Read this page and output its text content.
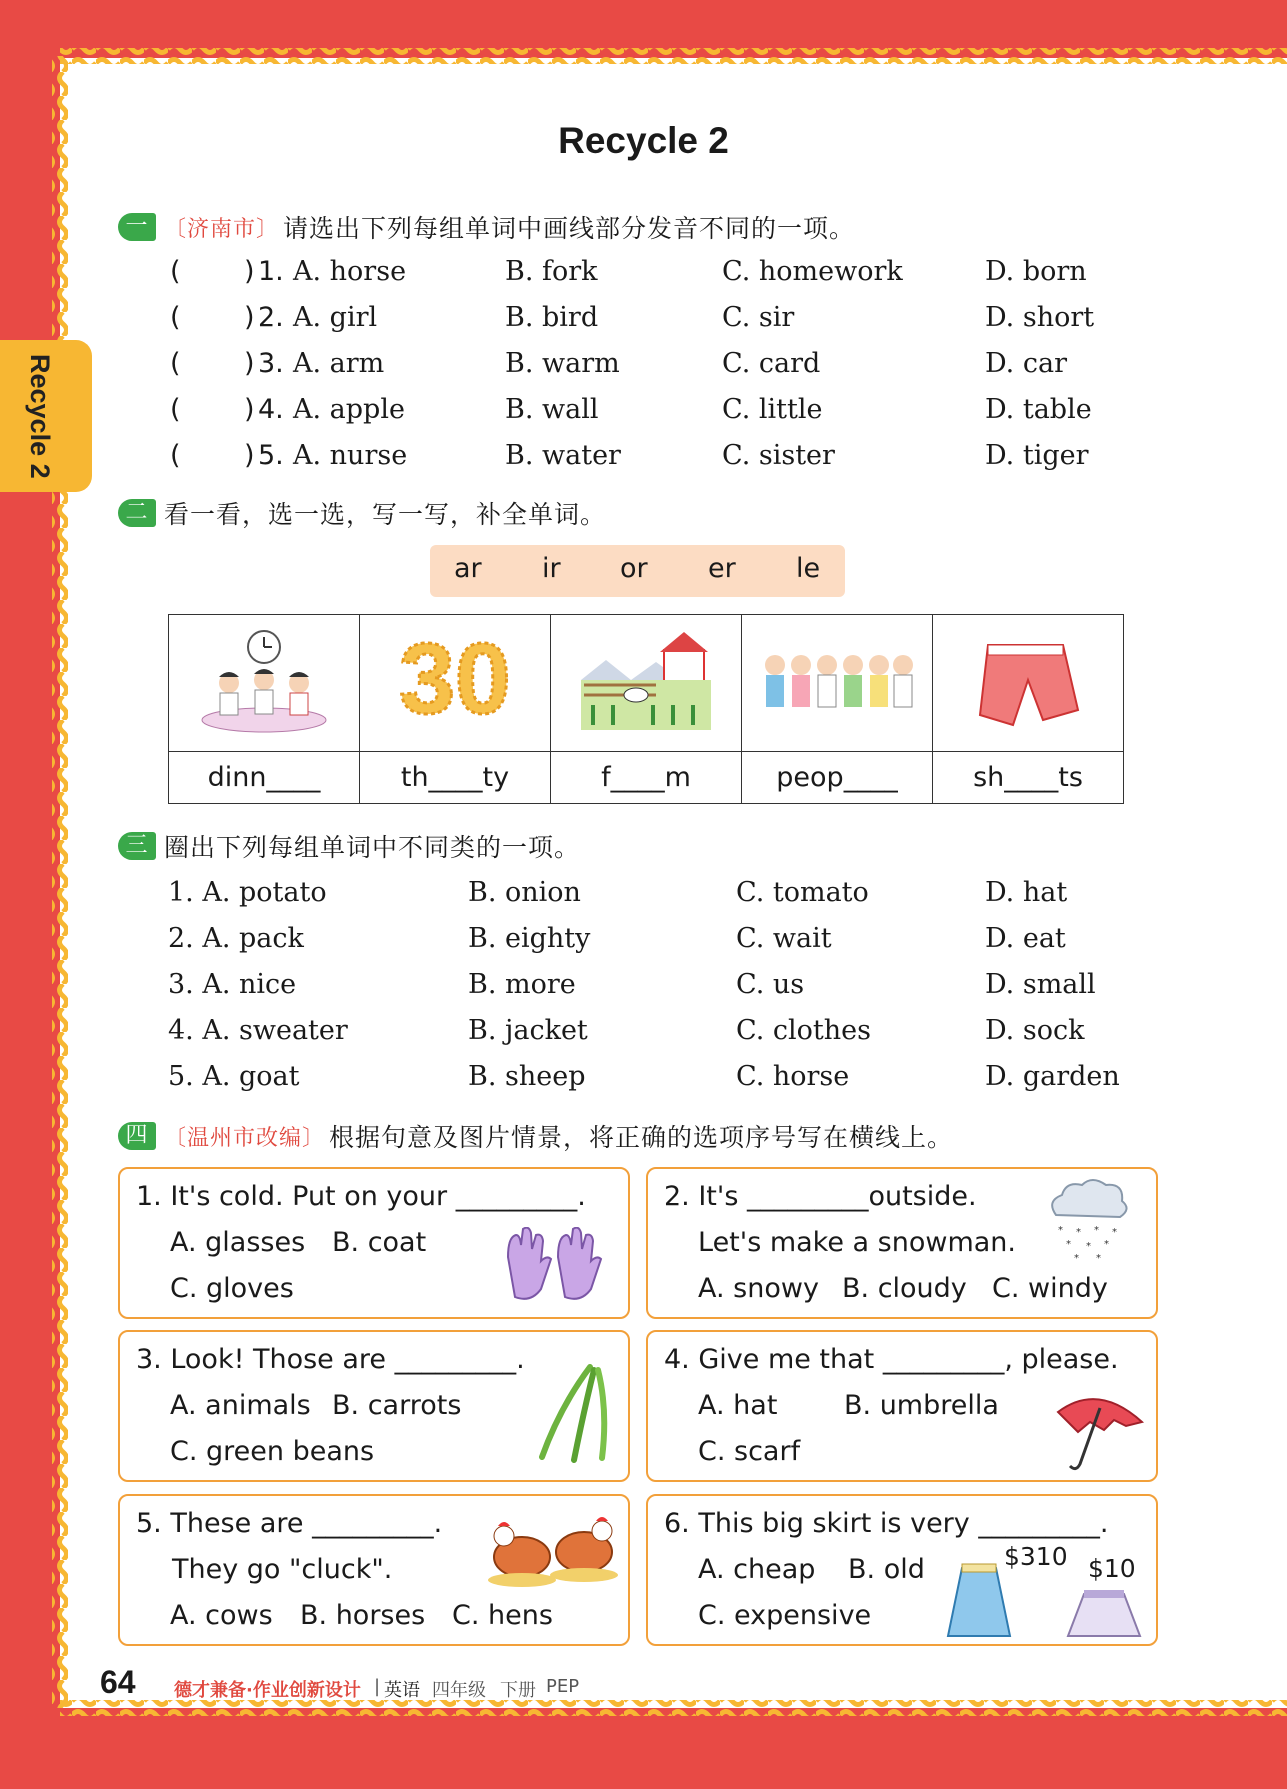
Recycle 2
Recycle 2
一 〔济南市〕 请选出下列每组单词中画线部分发音不同的一项。
( ) 1. A. horse	B. fork	C. homework	D. born
( ) 2. A. girl	B. bird	C. sir	D. short
( ) 3. A. arm	B. warm	C. card	D. car
( ) 4. A. apple	B. wall	C. little	D. table
( ) 5. A. nurse	B. water	C. sister	D. tiger
二 看一看，选一选，写一写，补全单词。
ar ir or er le

30

dinn____	th____ty	f____m	peop____	sh____ts
三 圈出下列每组单词中不同类的一项。
1. A. potato	B. onion	C. tomato	D. hat
2. A. pack	B. eighty	C. wait	D. eat
3. A. nice	B. more	C. us	D. small
4. A. sweater	B. jacket	C. clothes	D. sock
5. A. goat	B. sheep	C. horse	D. garden
四 〔温州市改编〕 根据句意及图片情景，将正确的选项序号写在横线上。
1. It's cold. Put on your _________.
A. glasses B. coat
C. gloves
2. It's _________outside.
Let's make a snowman.
A. snowy B. cloudy C. windy
* * * *
* * *
* *
3. Look! Those are _________.
A. animals B. carrots
C. green beans
4. Give me that _________, please.
A. hat B. umbrella
C. scarf
5. These are _________.
They go "cluck".
A. cows B. horses C. hens
6. This big skirt is very _________.
A. cheap B. old
C. expensive
$310 $10
64 德才兼备·作业创新设计 | 英语 四年级 下册 PEP
